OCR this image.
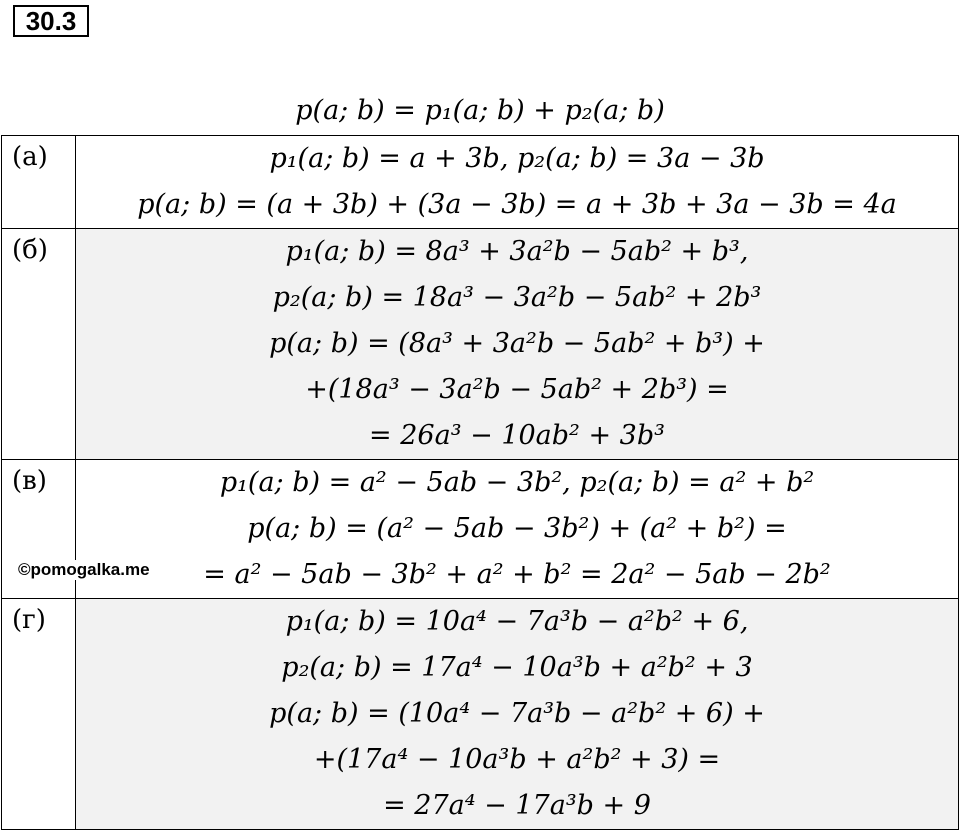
30.3
p(a; b) = p₁(a; b) + p₂(a; b)
(а)	p₁(a; b) = a + 3b, p₂(a; b) = 3a − 3b
p(a; b) = (a + 3b) + (3a − 3b) = a + 3b + 3a − 3b = 4a

(б)	p₁(a; b) = 8a³ + 3a²b − 5ab² + b³,
p₂(a; b) = 18a³ − 3a²b − 5ab² + 2b³
p(a; b) = (8a³ + 3a²b − 5ab² + b³) +
+(18a³ − 3a²b − 5ab² + 2b³) =
= 26a³ − 10ab² + 3b³

(в)	p₁(a; b) = a² − 5ab − 3b², p₂(a; b) = a² + b²
p(a; b) = (a² − 5ab − 3b²) + (a² + b²) =
= a² − 5ab − 3b² + a² + b² = 2a² − 5ab − 2b²

(г)	p₁(a; b) = 10a⁴ − 7a³b − a²b² + 6,
p₂(a; b) = 17a⁴ − 10a³b + a²b² + 3
p(a; b) = (10a⁴ − 7a³b − a²b² + 6) +
+(17a⁴ − 10a³b + a²b² + 3) =
= 27a⁴ − 17a³b + 9
©pomogalka.me
